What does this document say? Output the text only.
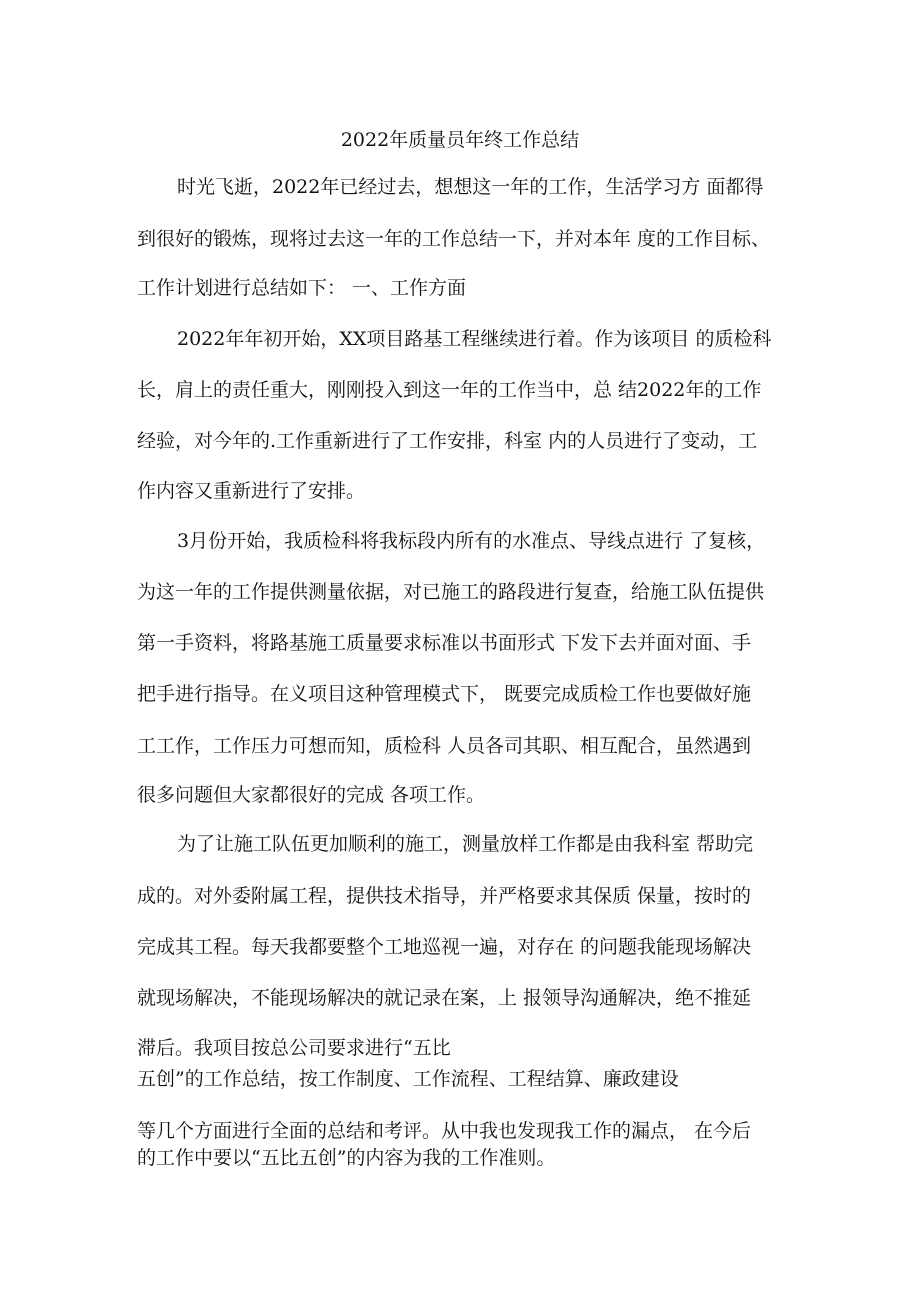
2022年质量员年终工作总结
时光飞逝，2022年已经过去，想想这一年的工作，生活学习方 面都得
到很好的锻炼，现将过去这一年的工作总结一下，并对本年 度的工作目标、
工作计划进行总结如下： 一、工作方面
2022年年初开始，XX项目路基工程继续进行着。作为该项目 的质检科
长，肩上的责任重大，刚刚投入到这一年的工作当中，总 结2022年的工作
经验，对今年的.工作重新进行了工作安排，科室 内的人员进行了变动，工
作内容又重新进行了安排。
3月份开始，我质检科将我标段内所有的水准点、导线点进行 了复核，
为这一年的工作提供测量依据，对已施工的路段进行复查，给施工队伍提供
第一手资料，将路基施工质量要求标准以书面形式 下发下去并面对面、手
把手进行指导。在义项目这种管理模式下， 既要完成质检工作也要做好施
工工作，工作压力可想而知，质检科 人员各司其职、相互配合，虽然遇到
很多问题但大家都很好的完成 各项工作。
为了让施工队伍更加顺利的施工，测量放样工作都是由我科室 帮助完
成的。对外委附属工程，提供技术指导，并严格要求其保质 保量，按时的
完成其工程。每天我都要整个工地巡视一遍，对存在 的问题我能现场解决
就现场解决，不能现场解决的就记录在案，上 报领导沟通解决，绝不推延
滞后。我项目按总公司要求进行“五比
五创”的工作总结，按工作制度、工作流程、工程结算、廉政建设
等几个方面进行全面的总结和考评。从中我也发现我工作的漏点， 在今后
的工作中要以“五比五创”的内容为我的工作准则。
